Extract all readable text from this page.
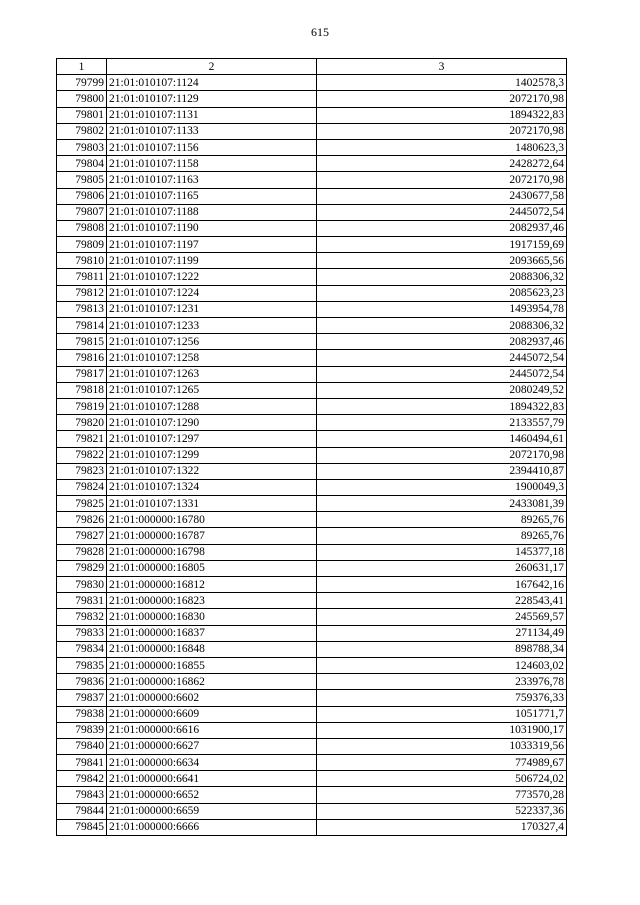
615
1	2	3
79799	21:01:010107:1124	1402578,3
79800	21:01:010107:1129	2072170,98
79801	21:01:010107:1131	1894322,83
79802	21:01:010107:1133	2072170,98
79803	21:01:010107:1156	1480623,3
79804	21:01:010107:1158	2428272,64
79805	21:01:010107:1163	2072170,98
79806	21:01:010107:1165	2430677,58
79807	21:01:010107:1188	2445072,54
79808	21:01:010107:1190	2082937,46
79809	21:01:010107:1197	1917159,69
79810	21:01:010107:1199	2093665,56
79811	21:01:010107:1222	2088306,32
79812	21:01:010107:1224	2085623,23
79813	21:01:010107:1231	1493954,78
79814	21:01:010107:1233	2088306,32
79815	21:01:010107:1256	2082937,46
79816	21:01:010107:1258	2445072,54
79817	21:01:010107:1263	2445072,54
79818	21:01:010107:1265	2080249,52
79819	21:01:010107:1288	1894322,83
79820	21:01:010107:1290	2133557,79
79821	21:01:010107:1297	1460494,61
79822	21:01:010107:1299	2072170,98
79823	21:01:010107:1322	2394410,87
79824	21:01:010107:1324	1900049,3
79825	21:01:010107:1331	2433081,39
79826	21:01:000000:16780	89265,76
79827	21:01:000000:16787	89265,76
79828	21:01:000000:16798	145377,18
79829	21:01:000000:16805	260631,17
79830	21:01:000000:16812	167642,16
79831	21:01:000000:16823	228543,41
79832	21:01:000000:16830	245569,57
79833	21:01:000000:16837	271134,49
79834	21:01:000000:16848	898788,34
79835	21:01:000000:16855	124603,02
79836	21:01:000000:16862	233976,78
79837	21:01:000000:6602	759376,33
79838	21:01:000000:6609	1051771,7
79839	21:01:000000:6616	1031900,17
79840	21:01:000000:6627	1033319,56
79841	21:01:000000:6634	774989,67
79842	21:01:000000:6641	506724,02
79843	21:01:000000:6652	773570,28
79844	21:01:000000:6659	522337,36
79845	21:01:000000:6666	170327,4
